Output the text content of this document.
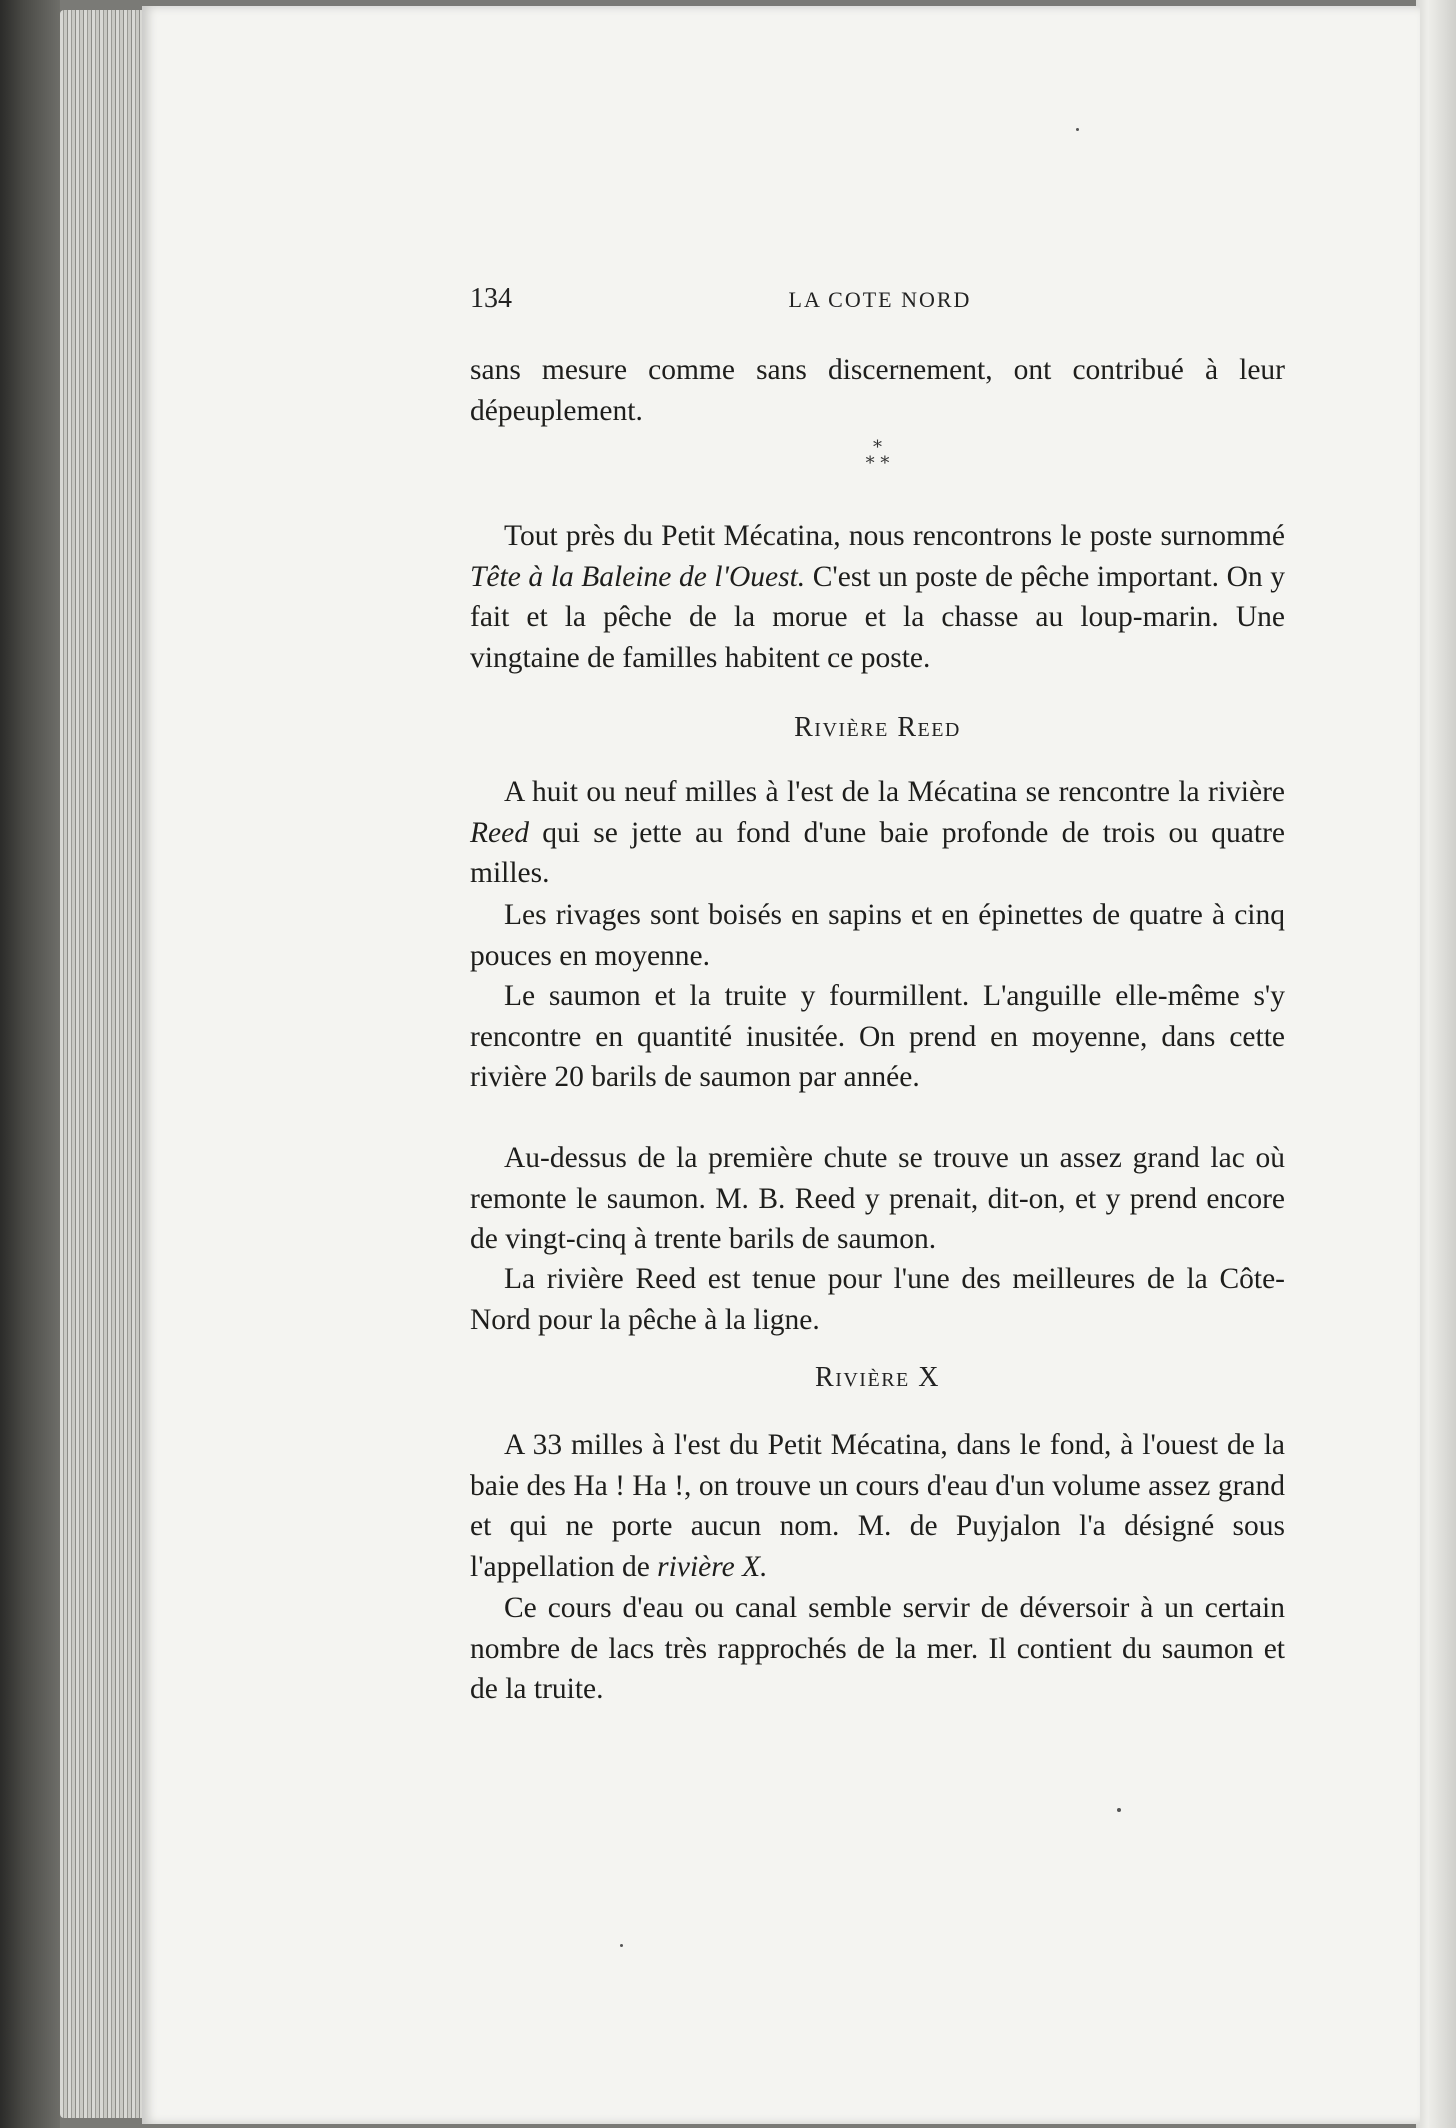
134	LA COTE NORD

sans mesure comme sans discernement, ont contribué à leur dépeuplement.

*
* *

Tout près du Petit Mécatina, nous rencontrons le poste surnommé Tête à la Baleine de l'Ouest. C'est un poste de pêche important. On y fait et la pêche de la morue et la chasse au loup-marin. Une vingtaine de familles habitent ce poste.

Rivière Reed

A huit ou neuf milles à l'est de la Mécatina se rencontre la rivière Reed qui se jette au fond d'une baie profonde de trois ou quatre milles.

Les rivages sont boisés en sapins et en épinettes de quatre à cinq pouces en moyenne.

Le saumon et la truite y fourmillent. L'anguille elle-même s'y rencontre en quantité inusitée. On prend en moyenne, dans cette rivière 20 barils de saumon par année.

Au-dessus de la première chute se trouve un assez grand lac où remonte le saumon. M. B. Reed y prenait, dit-on, et y prend encore de vingt-cinq à trente barils de saumon.

La rivière Reed est tenue pour l'une des meilleures de la Côte-Nord pour la pêche à la ligne.

Rivière X

A 33 milles à l'est du Petit Mécatina, dans le fond, à l'ouest de la baie des Ha ! Ha !, on trouve un cours d'eau d'un volume assez grand et qui ne porte aucun nom. M. de Puyjalon l'a désigné sous l'appellation de rivière X.

Ce cours d'eau ou canal semble servir de déversoir à un certain nombre de lacs très rapprochés de la mer. Il contient du saumon et de la truite.
